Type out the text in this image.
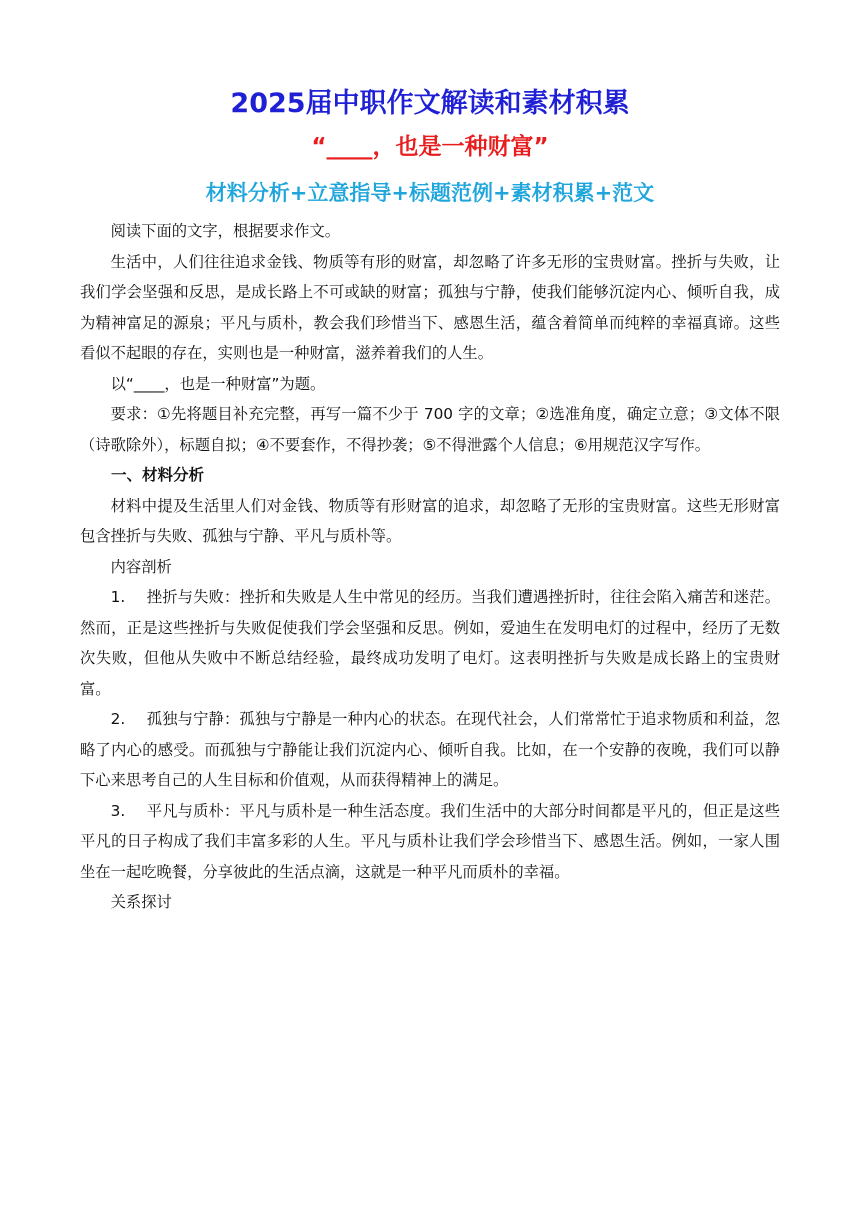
2025届中职作文解读和素材积累
“____，也是一种财富”
材料分析+立意指导+标题范例+素材积累+范文

阅读下面的文字，根据要求作文。

生活中，人们往往追求金钱、物质等有形的财富，却忽略了许多无形的宝贵财富。挫折与失败，让我们学会坚强和反思，是成长路上不可或缺的财富；孤独与宁静，使我们能够沉淀内心、倾听自我，成为精神富足的源泉；平凡与质朴，教会我们珍惜当下、感恩生活，蕴含着简单而纯粹的幸福真谛。这些看似不起眼的存在，实则也是一种财富，滋养着我们的人生。

以“____，也是一种财富”为题。

要求：①先将题目补充完整，再写一篇不少于 700 字的文章；②选准角度，确定立意；③文体不限（诗歌除外），标题自拟；④不要套作，不得抄袭；⑤不得泄露个人信息；⑥用规范汉字写作。

一、材料分析

材料中提及生活里人们对金钱、物质等有形财富的追求，却忽略了无形的宝贵财富。这些无形财富包含挫折与失败、孤独与宁静、平凡与质朴等。

内容剖析

1. 挫折与失败：挫折和失败是人生中常见的经历。当我们遭遇挫折时，往往会陷入痛苦和迷茫。然而，正是这些挫折与失败促使我们学会坚强和反思。例如，爱迪生在发明电灯的过程中，经历了无数次失败，但他从失败中不断总结经验，最终成功发明了电灯。这表明挫折与失败是成长路上的宝贵财富。

2. 孤独与宁静：孤独与宁静是一种内心的状态。在现代社会，人们常常忙于追求物质和利益，忽略了内心的感受。而孤独与宁静能让我们沉淀内心、倾听自我。比如，在一个安静的夜晚，我们可以静下心来思考自己的人生目标和价值观，从而获得精神上的满足。

3. 平凡与质朴：平凡与质朴是一种生活态度。我们生活中的大部分时间都是平凡的，但正是这些平凡的日子构成了我们丰富多彩的人生。平凡与质朴让我们学会珍惜当下、感恩生活。例如，一家人围坐在一起吃晚餐，分享彼此的生活点滴，这就是一种平凡而质朴的幸福。

关系探讨
